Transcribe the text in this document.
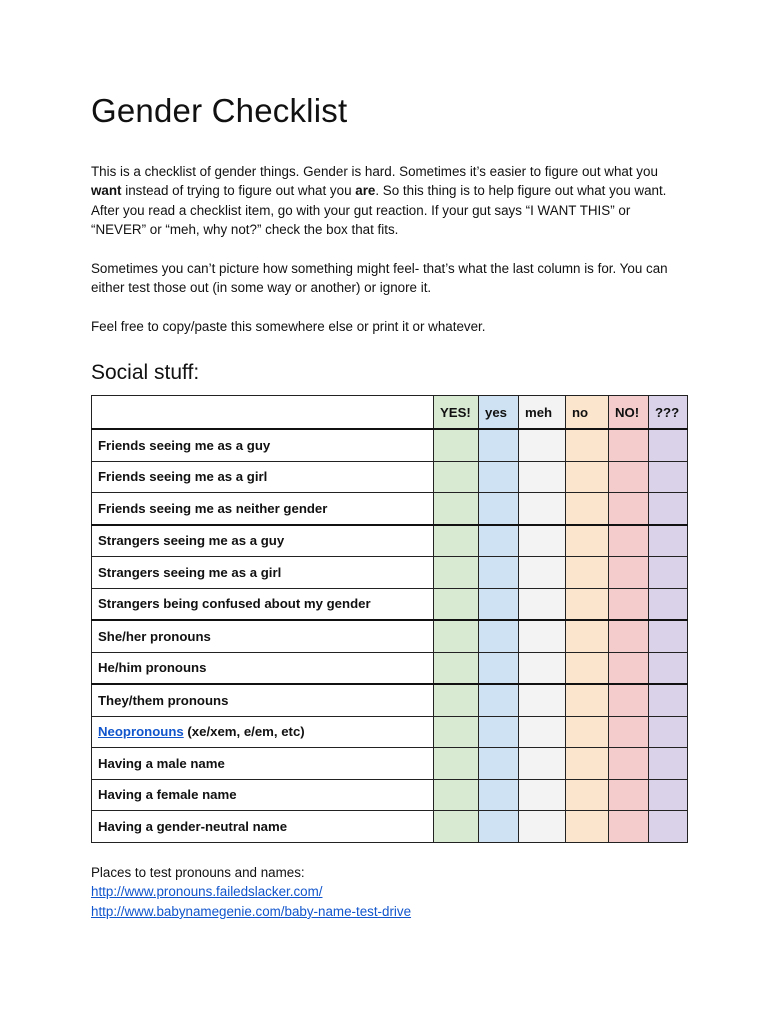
Gender Checklist

This is a checklist of gender things. Gender is hard. Sometimes it’s easier to figure out what you want instead of trying to figure out what you are. So this thing is to help figure out what you want. After you read a checklist item, go with your gut reaction. If your gut says “I WANT THIS” or “NEVER” or “meh, why not?” check the box that fits.

Sometimes you can’t picture how something might feel- that’s what the last column is for. You can either test those out (in some way or another) or ignore it.

Feel free to copy/paste this somewhere else or print it or whatever.

Social stuff:
	YES!	yes	meh	no	NO!	???
Friends seeing me as a guy						
Friends seeing me as a girl						
Friends seeing me as neither gender						
Strangers seeing me as a guy						
Strangers seeing me as a girl						
Strangers being confused about my gender						
She/her pronouns						
He/him pronouns						
They/them pronouns						
Neopronouns (xe/xem, e/em, etc)						
Having a male name						
Having a female name						
Having a gender-neutral name						
Places to test pronouns and names:
http://www.pronouns.failedslacker.com/
http://www.babynamegenie.com/baby-name-test-drive
